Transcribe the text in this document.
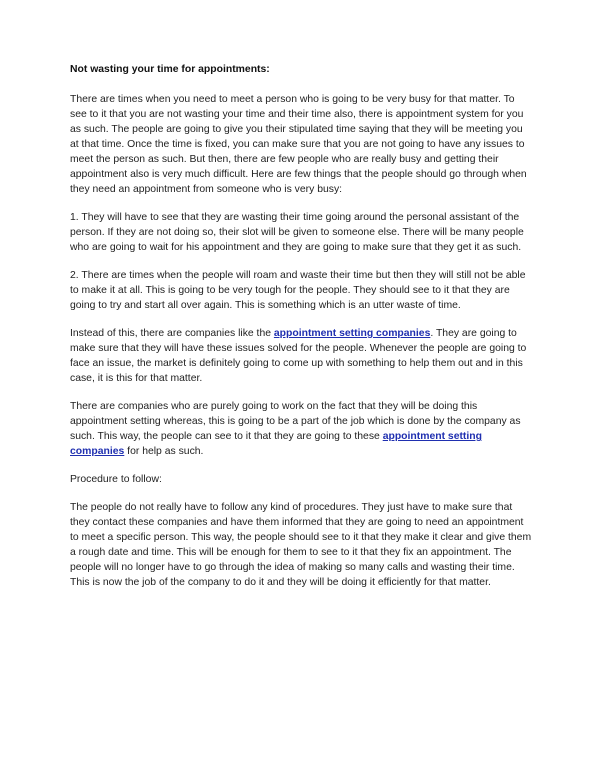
Not wasting your time for appointments:

There are times when you need to meet a person who is going to be very busy for that matter. To see to it that you are not wasting your time and their time also, there is appointment system for you as such. The people are going to give you their stipulated time saying that they will be meeting you at that time. Once the time is fixed, you can make sure that you are not going to have any issues to meet the person as such. But then, there are few people who are really busy and getting their appointment also is very much difficult. Here are few things that the people should go through when they need an appointment from someone who is very busy:

1. They will have to see that they are wasting their time going around the personal assistant of the person. If they are not doing so, their slot will be given to someone else. There will be many people who are going to wait for his appointment and they are going to make sure that they get it as such.

2. There are times when the people will roam and waste their time but then they will still not be able to make it at all. This is going to be very tough for the people. They should see to it that they are going to try and start all over again. This is something which is an utter waste of time.

Instead of this, there are companies like the appointment setting companies. They are going to make sure that they will have these issues solved for the people. Whenever the people are going to face an issue, the market is definitely going to come up with something to help them out and in this case, it is this for that matter.

There are companies who are purely going to work on the fact that they will be doing this appointment setting whereas, this is going to be a part of the job which is done by the company as such. This way, the people can see to it that they are going to these appointment setting companies for help as such.

Procedure to follow:

The people do not really have to follow any kind of procedures. They just have to make sure that they contact these companies and have them informed that they are going to need an appointment to meet a specific person. This way, the people should see to it that they make it clear and give them a rough date and time. This will be enough for them to see to it that they fix an appointment. The people will no longer have to go through the idea of making so many calls and wasting their time. This is now the job of the company to do it and they will be doing it efficiently for that matter.
